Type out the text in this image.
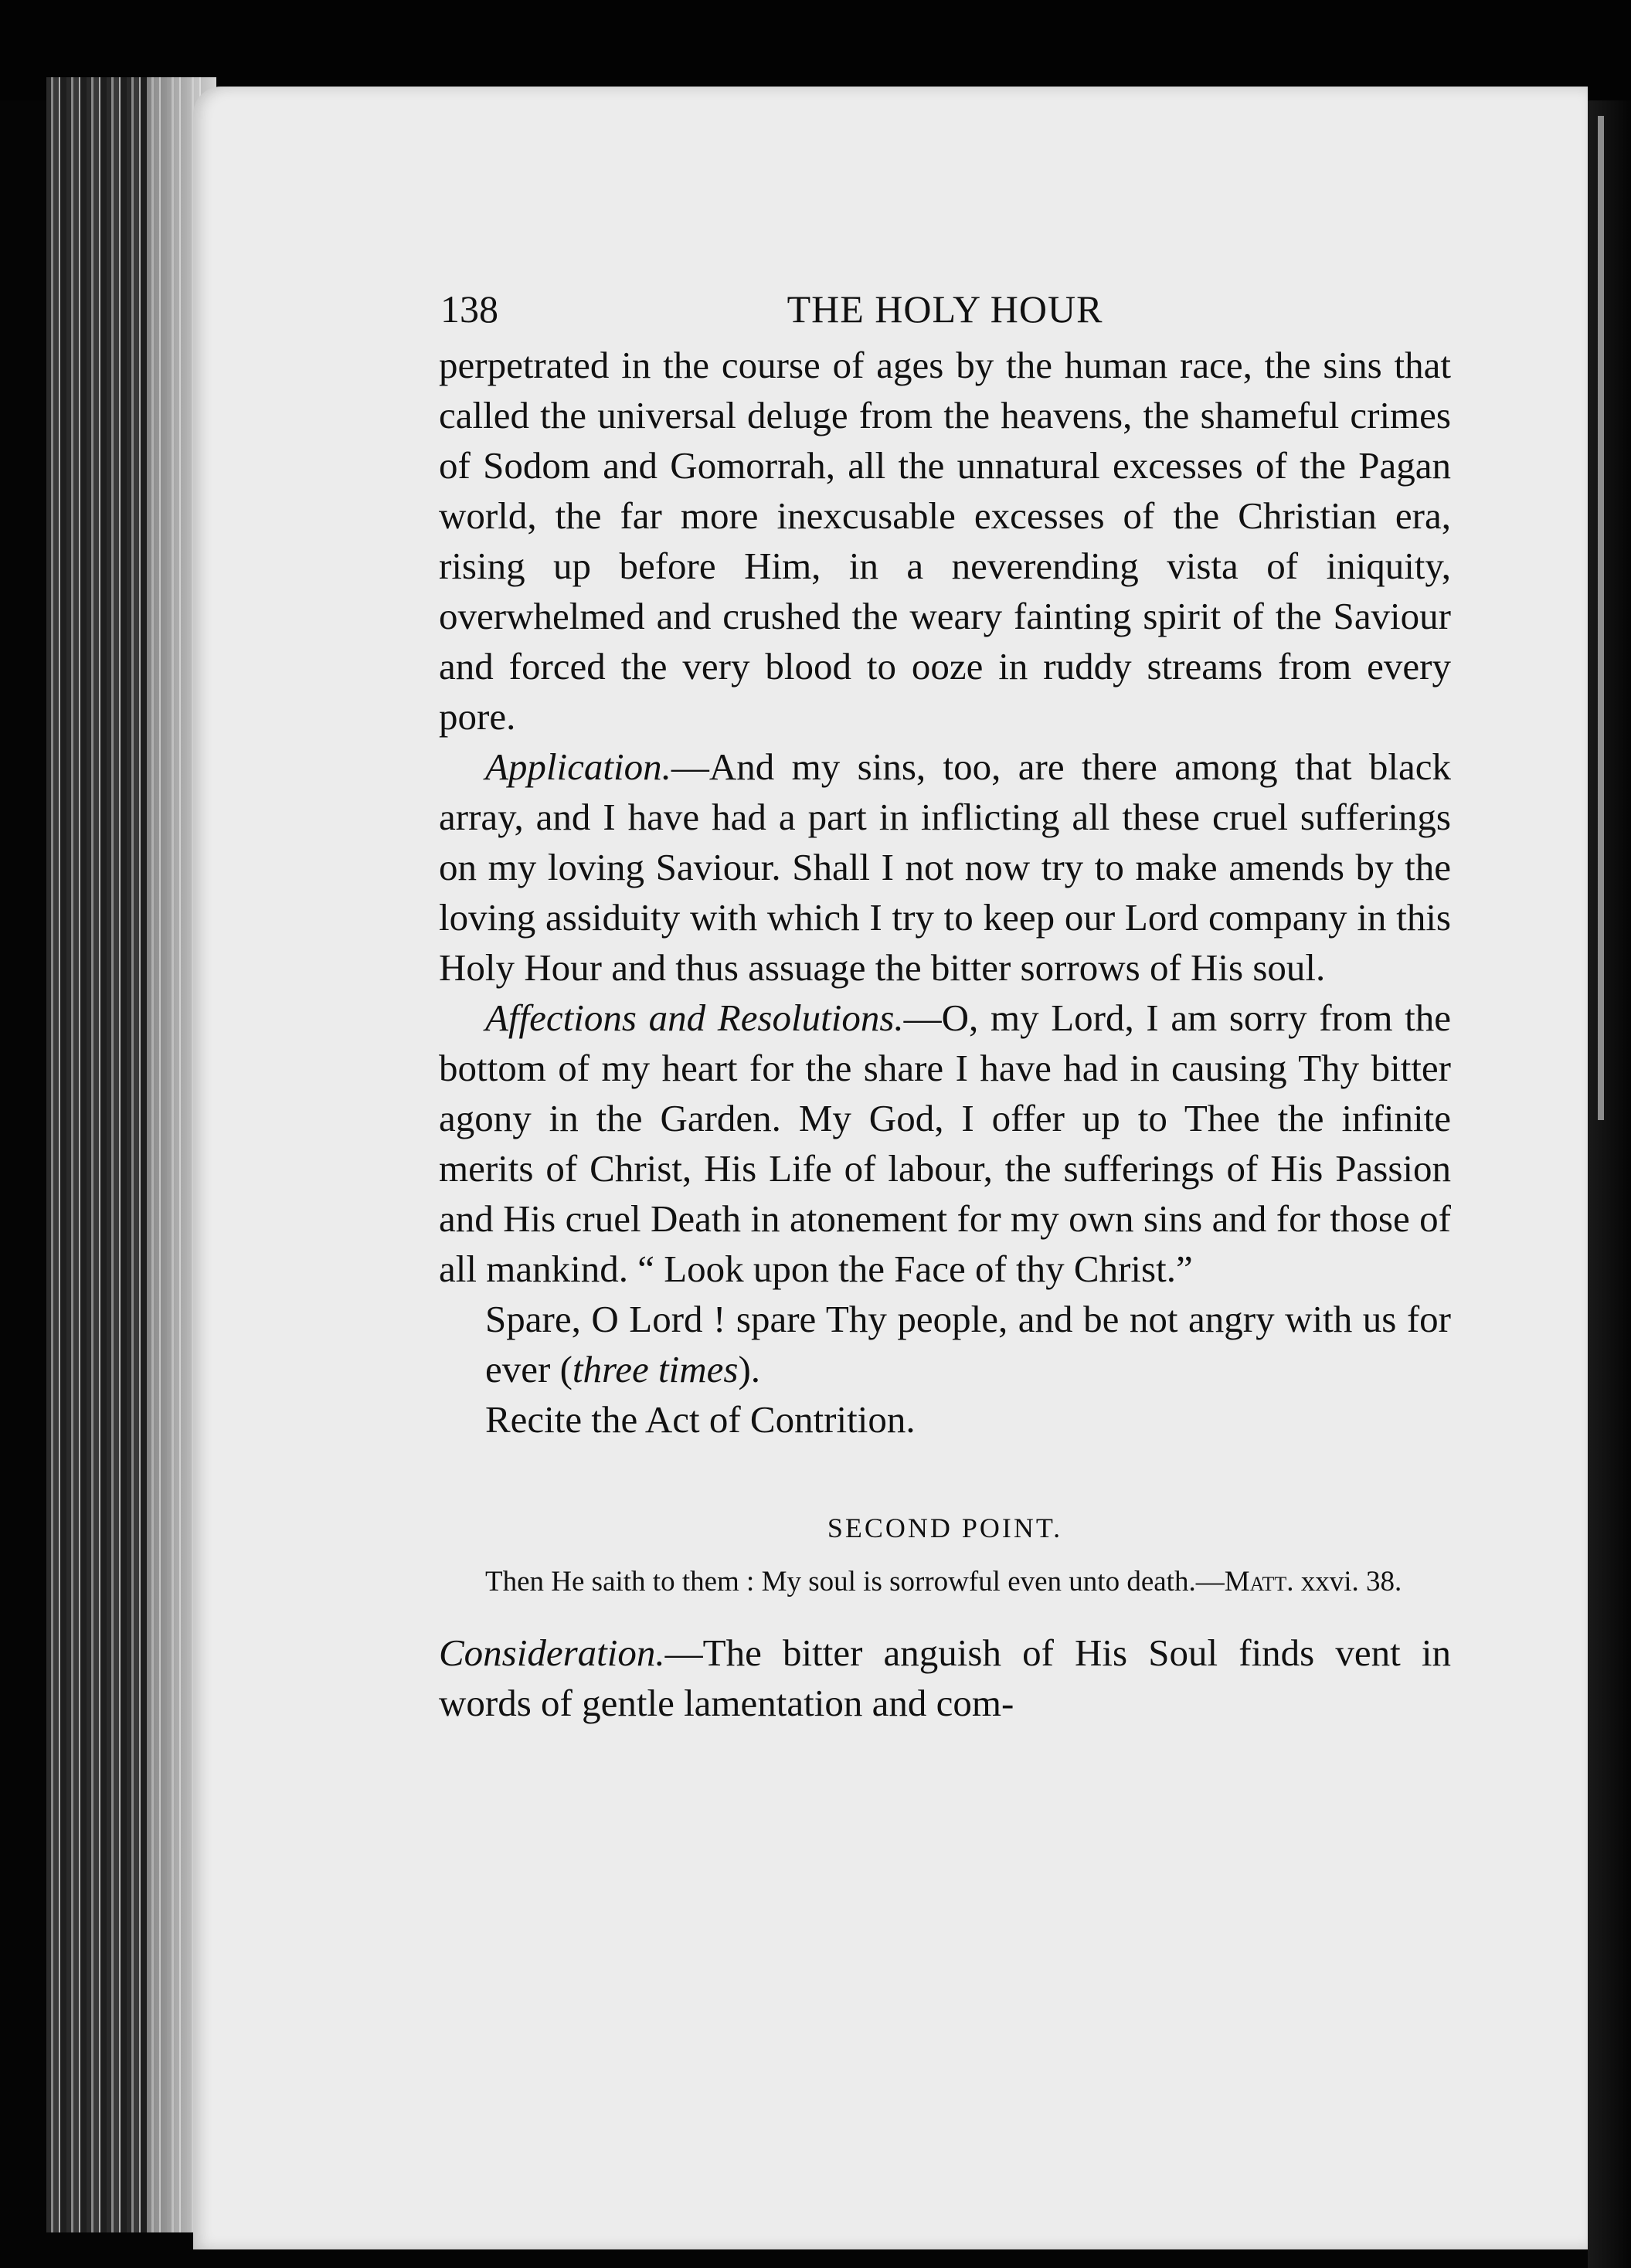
138	THE HOLY HOUR

perpetrated in the course of ages by the human race, the sins that called the universal deluge from the heavens, the shameful crimes of Sodom and Gomorrah, all the unnatural excesses of the Pagan world, the far more inexcusable excesses of the Christian era, rising up before Him, in a neverending vista of iniquity, overwhelmed and crushed the weary fainting spirit of the Saviour and forced the very blood to ooze in ruddy streams from every pore.

Application.—And my sins, too, are there among that black array, and I have had a part in inflicting all these cruel sufferings on my loving Saviour. Shall I not now try to make amends by the loving assiduity with which I try to keep our Lord company in this Holy Hour and thus assuage the bitter sorrows of His soul.

Affections and Resolutions.—O, my Lord, I am sorry from the bottom of my heart for the share I have had in causing Thy bitter agony in the Garden. My God, I offer up to Thee the infinite merits of Christ, His Life of labour, the sufferings of His Passion and His cruel Death in atonement for my own sins and for those of all mankind. “ Look upon the Face of thy Christ.”

Spare, O Lord ! spare Thy people, and be not angry with us for ever (three times).

Recite the Act of Contrition.

SECOND POINT.

Then He saith to them : My soul is sorrowful even unto death.—Matt. xxvi. 38.

Consideration.—The bitter anguish of His Soul finds vent in words of gentle lamentation and com-
